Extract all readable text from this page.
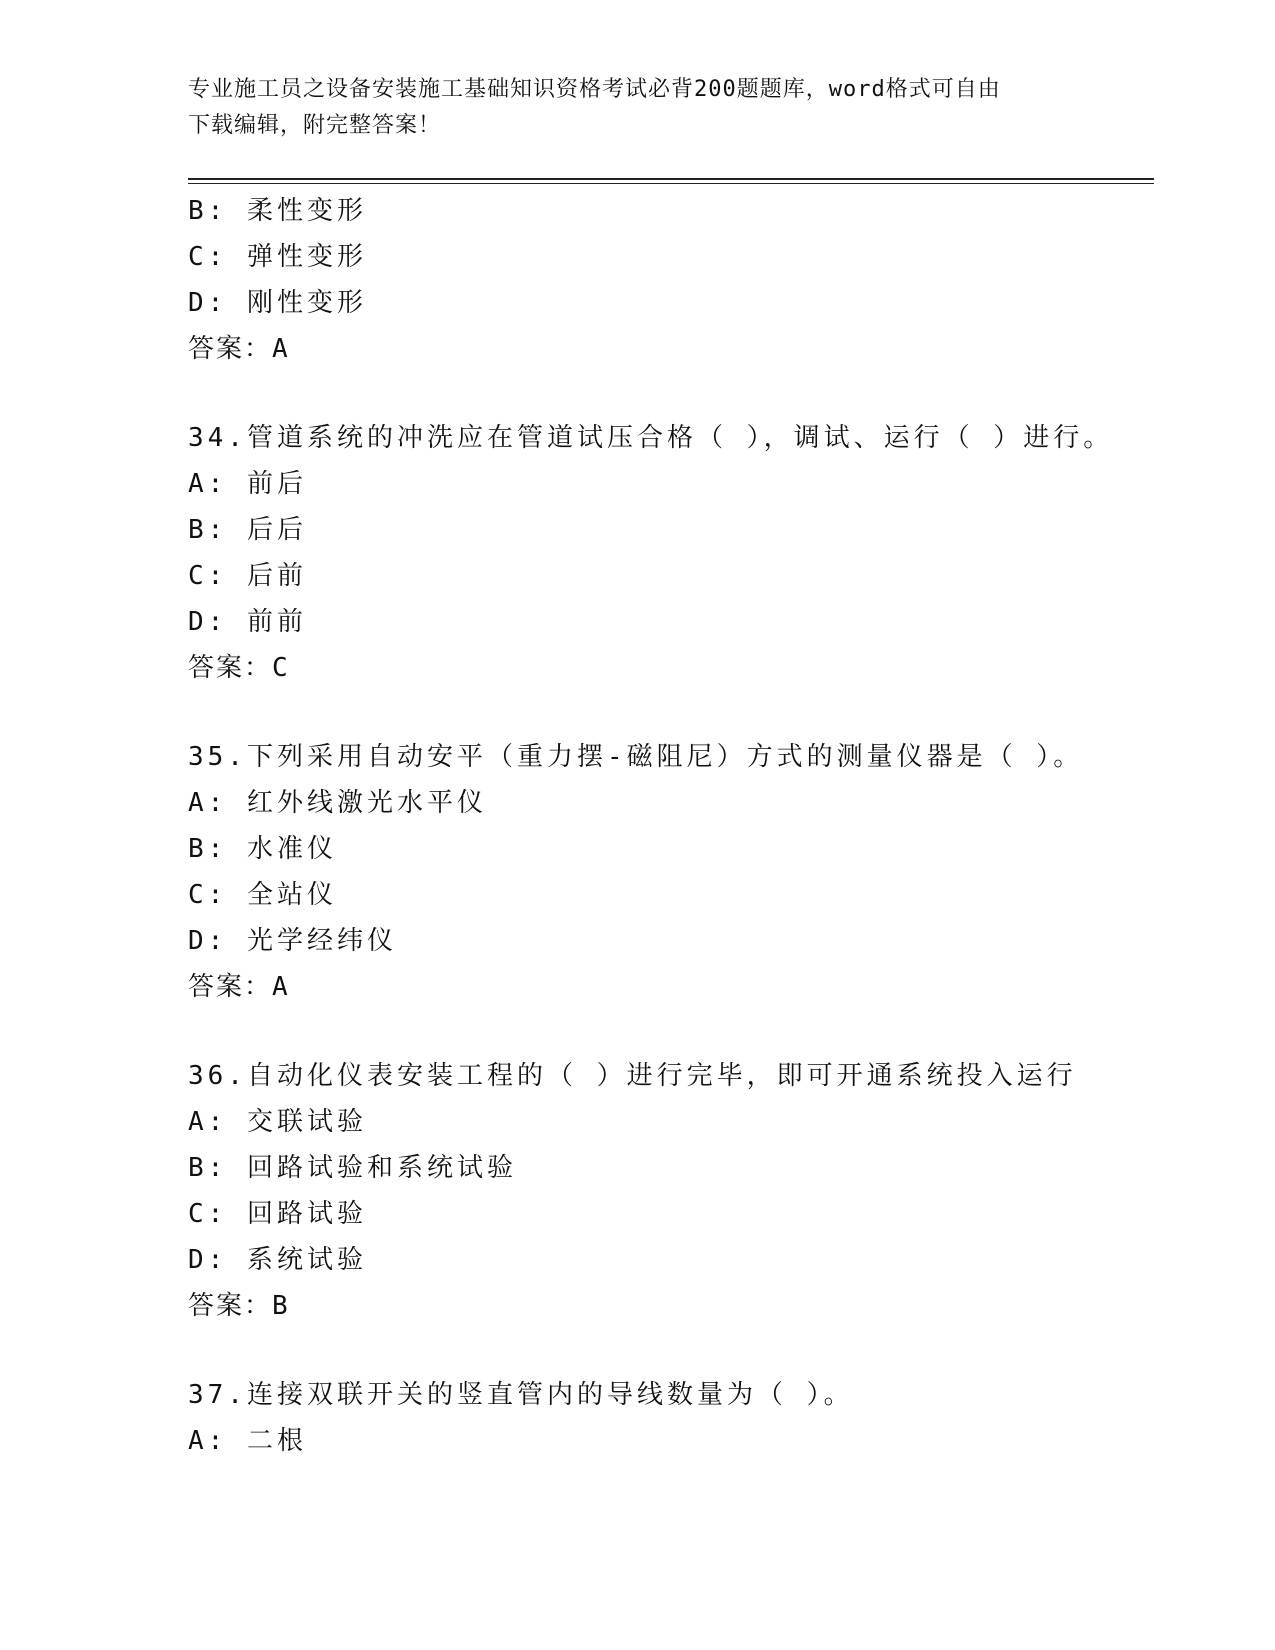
专业施工员之设备安装施工基础知识资格考试必背200题题库，word格式可自由
下载编辑，附完整答案！
B: 柔性变形
C: 弹性变形
D: 刚性变形
答案：A
34.管道系统的冲洗应在管道试压合格（ ），调试、运行（ ）进行。
A: 前后
B: 后后
C: 后前
D: 前前
答案：C
35.下列采用自动安平（重力摆-磁阻尼）方式的测量仪器是（ ）。
A: 红外线激光水平仪
B: 水准仪
C: 全站仪
D: 光学经纬仪
答案：A
36.自动化仪表安装工程的（ ）进行完毕，即可开通系统投入运行
A: 交联试验
B: 回路试验和系统试验
C: 回路试验
D: 系统试验
答案：B
37.连接双联开关的竖直管内的导线数量为（ ）。
A: 二根
